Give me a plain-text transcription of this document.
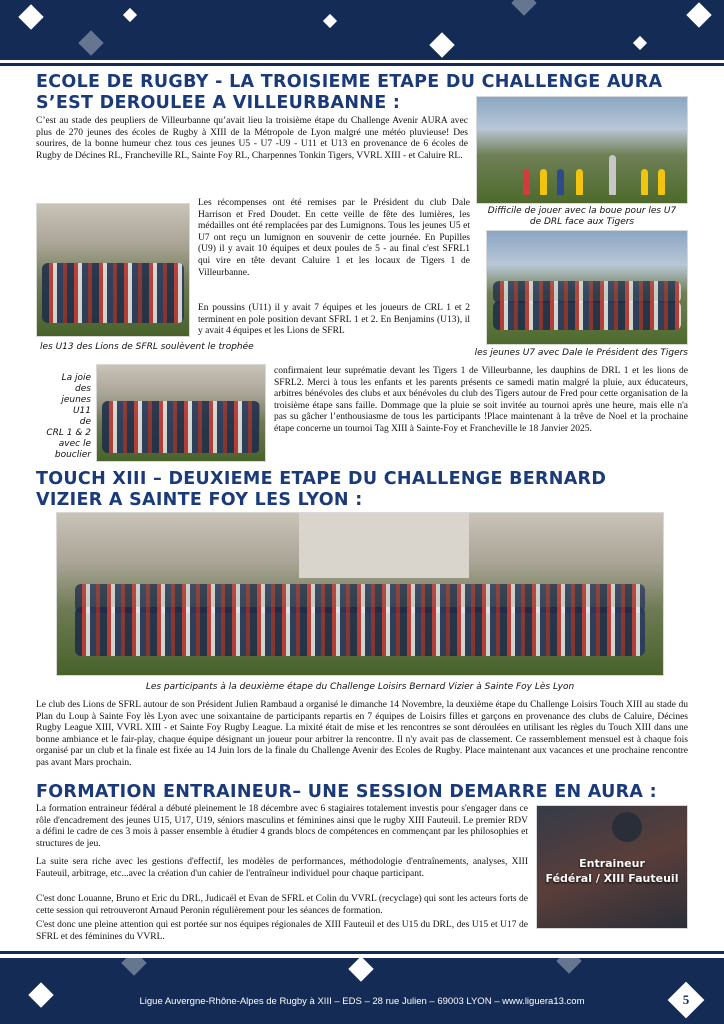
ECOLE DE RUGBY - LA TROISIEME ETAPE DU CHALLENGE AURA
S’EST DEROULEE A VILLEURBANNE :
C’est au stade des peupliers de Villeurbanne qu’avait lieu la troisième étape du Challenge Avenir AURA avec plus de 270 jeunes des écoles de Rugby à XIII de la Métropole de Lyon malgré une météo pluvieuse! Des sourires, de la bonne humeur chez tous ces jeunes U5 - U7 -U9 - U11 et U13 en provenance de 6 écoles de Rugby de Décines RL, Francheville RL, Sainte Foy RL, Charpennes Tonkin Tigers, VVRL XIII - et Caluire RL.
Difficile de jouer avec la boue pour les U7
de DRL face aux Tigers
les U13 des Lions de SFRL soulèvent le trophée
Les récompenses ont été remises par le Président du club Dale Harrison et Fred Doudet. En cette veille de fête des lumières, les médailles ont été remplacées par des Lumignons. Tous les jeunes U5 et U7 ont reçu un lumignon en souvenir de cette journée. En Pupilles (U9) il y avait 10 équipes et deux poules de 5 - au final c'est SFRL1 qui vire en tête devant Caluire 1 et les locaux de Tigers 1 de Villeurbanne.
En poussins (U11) il y avait 7 équipes et les joueurs de CRL 1 et 2 terminent en pole position devant SFRL 1 et 2. En Benjamins (U13), il y avait 4 équipes et les Lions de SFRL
les jeunes U7 avec Dale le Président des Tigers
La joie
des
jeunes
U11
de
CRL 1 & 2
avec le
bouclier
confirmaient leur suprématie devant les Tigers 1 de Villeurbanne, les dauphins de DRL 1 et les lions de SFRL2. Merci à tous les enfants et les parents présents ce samedi matin malgré la pluie, aux éducateurs, arbitres bénévoles des clubs et aux bénévoles du club des Tigers autour de Fred pour cette organisation de la troisième étape sans faille. Dommage que la pluie se soit invitée au tournoi après une heure, mais elle n'a pas su gâcher l’enthousiasme de tous les participants !Place maintenant à la trêve de Noel et la prochaine étape concerne un tournoi Tag XIII à Sainte-Foy et Francheville le 18 Janvier 2025.
TOUCH XIII – DEUXIEME ETAPE DU CHALLENGE BERNARD
VIZIER A SAINTE FOY LES LYON :
Les participants à la deuxième étape du Challenge Loisirs Bernard Vizier à Sainte Foy Lès Lyon
Le club des Lions de SFRL autour de son Président Julien Rambaud a organisé le dimanche 14 Novembre, la deuxième étape du Challenge Loisirs Touch XIII au stade du Plan du Loup à Sainte Foy lès Lyon avec une soixantaine de participants repartis en 7 équipes de Loisirs filles et garçons en provenance des clubs de Caluire, Décines Rugby League XIII, VVRL XIII - et Sainte Foy Rugby League. La mixité était de mise et les rencontres se sont déroulées en utilisant les règles du Touch XIII dans une bonne ambiance et le fair-play, chaque équipe désignant un joueur pour arbitrer la rencontre. Il n'y avait pas de classement. Ce rassemblement mensuel est à chaque fois organisé par un club et la finale est fixée au 14 Juin lors de la finale du Challenge Avenir des Ecoles de Rugby. Place maintenant aux vacances et une prochaine rencontre pas avant Mars prochain.
FORMATION ENTRAINEUR– UNE SESSION DEMARRE EN AURA :
La formation entraineur fédéral a débuté pleinement le 18 décembre avec 6 stagiaires totalement investis pour s'engager dans ce rôle d'encadrement des jeunes U15, U17, U19, séniors masculins et féminines ainsi que le rugby XIII Fauteuil. Le premier RDV a défini le cadre de ces 3 mois à passer ensemble à étudier 4 grands blocs de compétences en commençant par les philosophies et structures de jeu.
La suite sera riche avec les gestions d'effectif, les modèles de performances, méthodologie d'entraînements, analyses, XIII Fauteuil, arbitrage, etc...avec la création d'un cahier de l'entraîneur individuel pour chaque participant.
C'est donc Louanne, Bruno et Eric du DRL, Judicaël et Evan de SFRL et Colin du VVRL (recyclage) qui sont les acteurs forts de cette session qui retrouveront Arnaud Peronin régulièrement pour les séances de formation.
C'est donc une pleine attention qui est portée sur nos équipes régionales de XIII Fauteuil et des U15 du DRL, des U15 et U17 de SFRL et des féminines du VVRL.
Entraineur
Fédéral / XIII Fauteuil
Ligue Auvergne-Rhône-Alpes de Rugby à XIII – EDS – 28 rue Julien – 69003 LYON – www.liguera13.com	5
